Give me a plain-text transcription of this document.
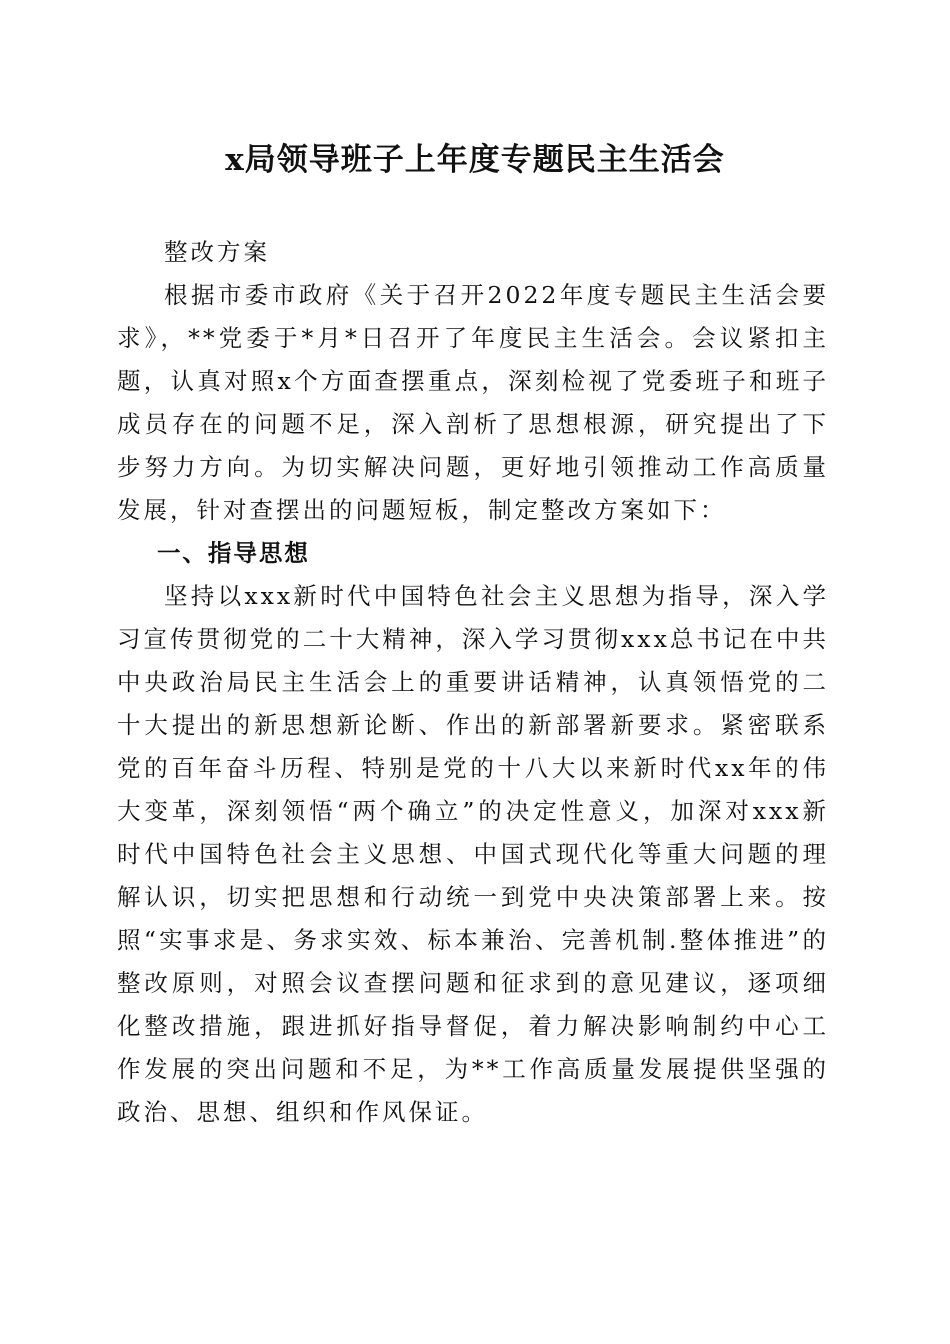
x局领导班子上年度专题民主生活会

整改方案

根据市委市政府《关于召开2022年度专题民主生活会要求》，**党委于*月*日召开了年度民主生活会。会议紧扣主题，认真对照x个方面查摆重点，深刻检视了党委班子和班子成员存在的问题不足，深入剖析了思想根源，研究提出了下步努力方向。为切实解决问题，更好地引领推动工作高质量发展，针对查摆出的问题短板，制定整改方案如下：

一、指导思想

坚持以xxx新时代中国特色社会主义思想为指导，深入学习宣传贯彻党的二十大精神，深入学习贯彻xxx总书记在中共中央政治局民主生活会上的重要讲话精神，认真领悟党的二十大提出的新思想新论断、作出的新部署新要求。紧密联系党的百年奋斗历程、特别是党的十八大以来新时代xx年的伟大变革，深刻领悟“两个确立”的决定性意义，加深对xxx新时代中国特色社会主义思想、中国式现代化等重大问题的理解认识，切实把思想和行动统一到党中央决策部署上来。按照“实事求是、务求实效、标本兼治、完善机制.整体推进”的整改原则，对照会议查摆问题和征求到的意见建议，逐项细化整改措施，跟进抓好指导督促，着力解决影响制约中心工作发展的突出问题和不足，为**工作高质量发展提供坚强的政治、思想、组织和作风保证。
